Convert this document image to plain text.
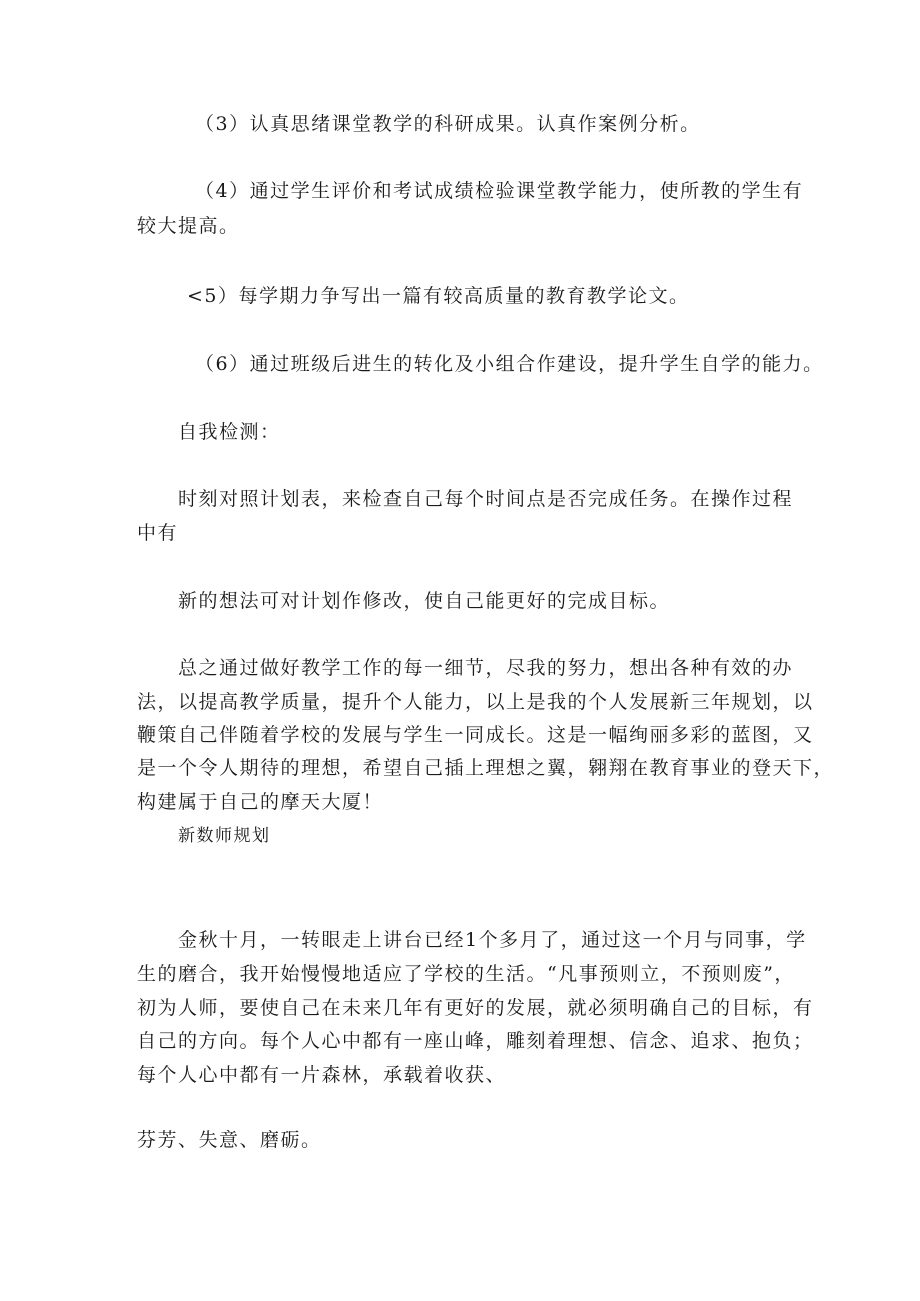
（3）认真思绪课堂教学的科研成果。认真作案例分析。

（4）通过学生评价和考试成绩检验课堂教学能力，使所教的学生有

较大提高。

<5）每学期力争写出一篇有较高质量的教育教学论文。

（6）通过班级后进生的转化及小组合作建设，提升学生自学的能力。

自我检测：

时刻对照计划表，来检查自己每个时间点是否完成任务。在操作过程

中有

新的想法可对计划作修改，使自己能更好的完成目标。

总之通过做好教学工作的每一细节，尽我的努力，想出各种有效的办

法，以提高教学质量，提升个人能力，以上是我的个人发展新三年规划，以

鞭策自己伴随着学校的发展与学生一同成长。这是一幅绚丽多彩的蓝图，又

是一个令人期待的理想，希望自己插上理想之翼，翱翔在教育事业的登天下，

构建属于自己的摩天大厦！

新数师规划

金秋十月，一转眼走上讲台已经1个多月了，通过这一个月与同事，学

生的磨合，我开始慢慢地适应了学校的生活。“凡事预则立，不预则废”，

初为人师，要使自己在未来几年有更好的发展，就必须明确自己的目标，有

自己的方向。每个人心中都有一座山峰，雕刻着理想、信念、追求、抱负；

每个人心中都有一片森林，承载着收获、

芬芳、失意、磨砺。
